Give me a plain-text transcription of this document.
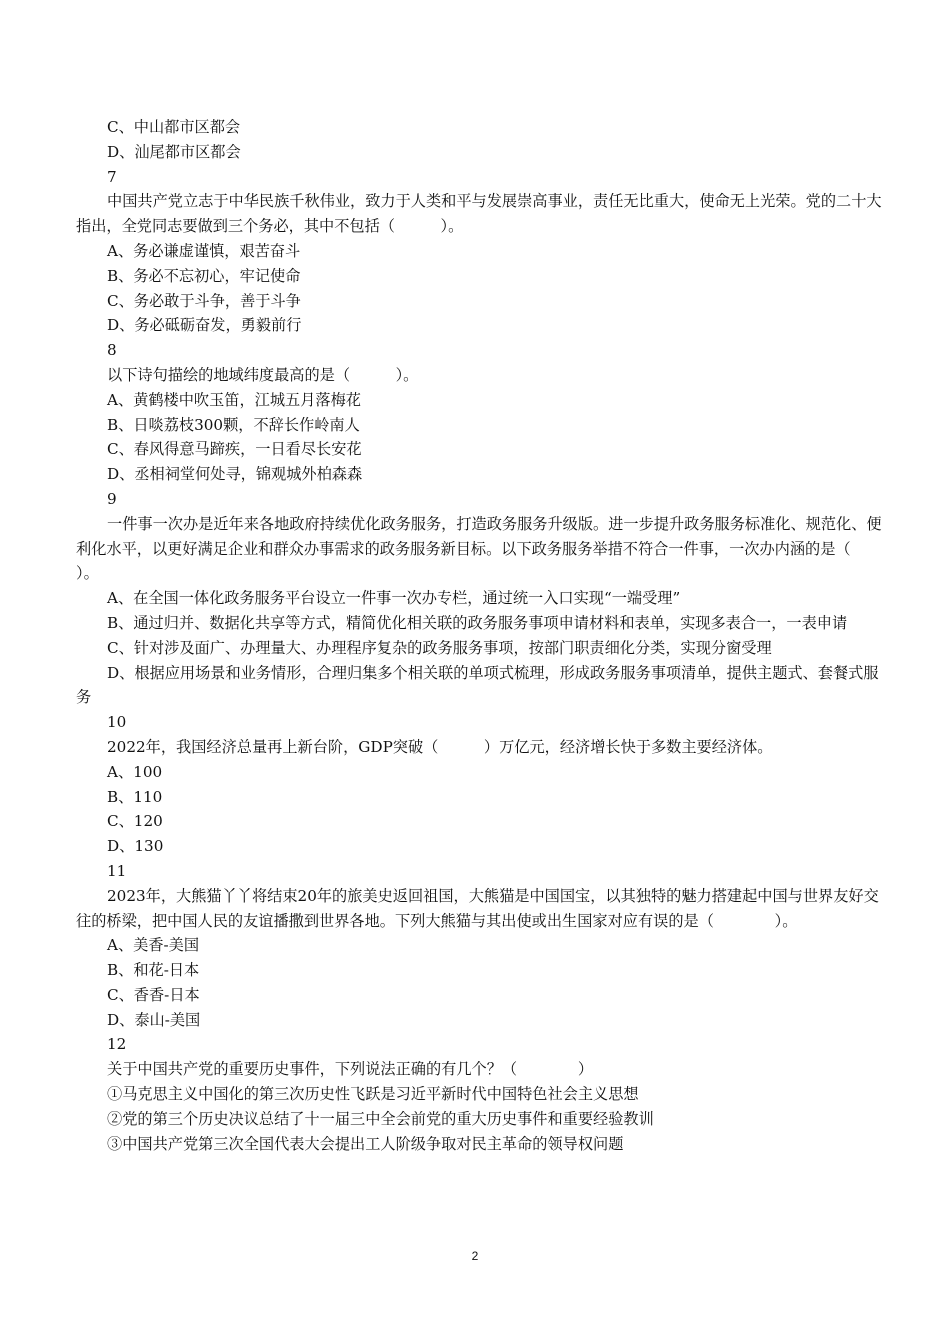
C、中山都市区都会
D、汕尾都市区都会
7
中国共产党立志于中华民族千秋伟业，致力于人类和平与发展崇高事业，责任无比重大，使命无上光荣。党的二十大指出，全党同志要做到三个务必，其中不包括（　　　）。
A、务必谦虚谨慎，艰苦奋斗
B、务必不忘初心，牢记使命
C、务必敢于斗争，善于斗争
D、务必砥砺奋发，勇毅前行
8
以下诗句描绘的地域纬度最高的是（　　　）。
A、黄鹤楼中吹玉笛，江城五月落梅花
B、日啖荔枝300颗，不辞长作岭南人
C、春风得意马蹄疾，一日看尽长安花
D、丞相祠堂何处寻，锦观城外柏森森
9
一件事一次办是近年来各地政府持续优化政务服务，打造政务服务升级版。进一步提升政务服务标准化、规范化、便利化水平，以更好满足企业和群众办事需求的政务服务新目标。以下政务服务举措不符合一件事，一次办内涵的是（　　　）。
A、在全国一体化政务服务平台设立一件事一次办专栏，通过统一入口实现“一端受理”
B、通过归并、数据化共享等方式，精简优化相关联的政务服务事项申请材料和表单，实现多表合一，一表申请
C、针对涉及面广、办理量大、办理程序复杂的政务服务事项，按部门职责细化分类，实现分窗受理
D、根据应用场景和业务情形，合理归集多个相关联的单项式梳理，形成政务服务事项清单，提供主题式、套餐式服务
10
2022年，我国经济总量再上新台阶，GDP突破（　　　）万亿元，经济增长快于多数主要经济体。
A、100
B、110
C、120
D、130
11
2023年，大熊猫丫丫将结束20年的旅美史返回祖国，大熊猫是中国国宝，以其独特的魅力搭建起中国与世界友好交往的桥梁，把中国人民的友谊播撒到世界各地。下列大熊猫与其出使或出生国家对应有误的是（　　　　）。
A、美香-美国
B、和花-日本
C、香香-日本
D、泰山-美国
12
关于中国共产党的重要历史事件，下列说法正确的有几个？（　　　　）
①马克思主义中国化的第三次历史性飞跃是习近平新时代中国特色社会主义思想
②党的第三个历史决议总结了十一届三中全会前党的重大历史事件和重要经验教训
③中国共产党第三次全国代表大会提出工人阶级争取对民主革命的领导权问题
2
